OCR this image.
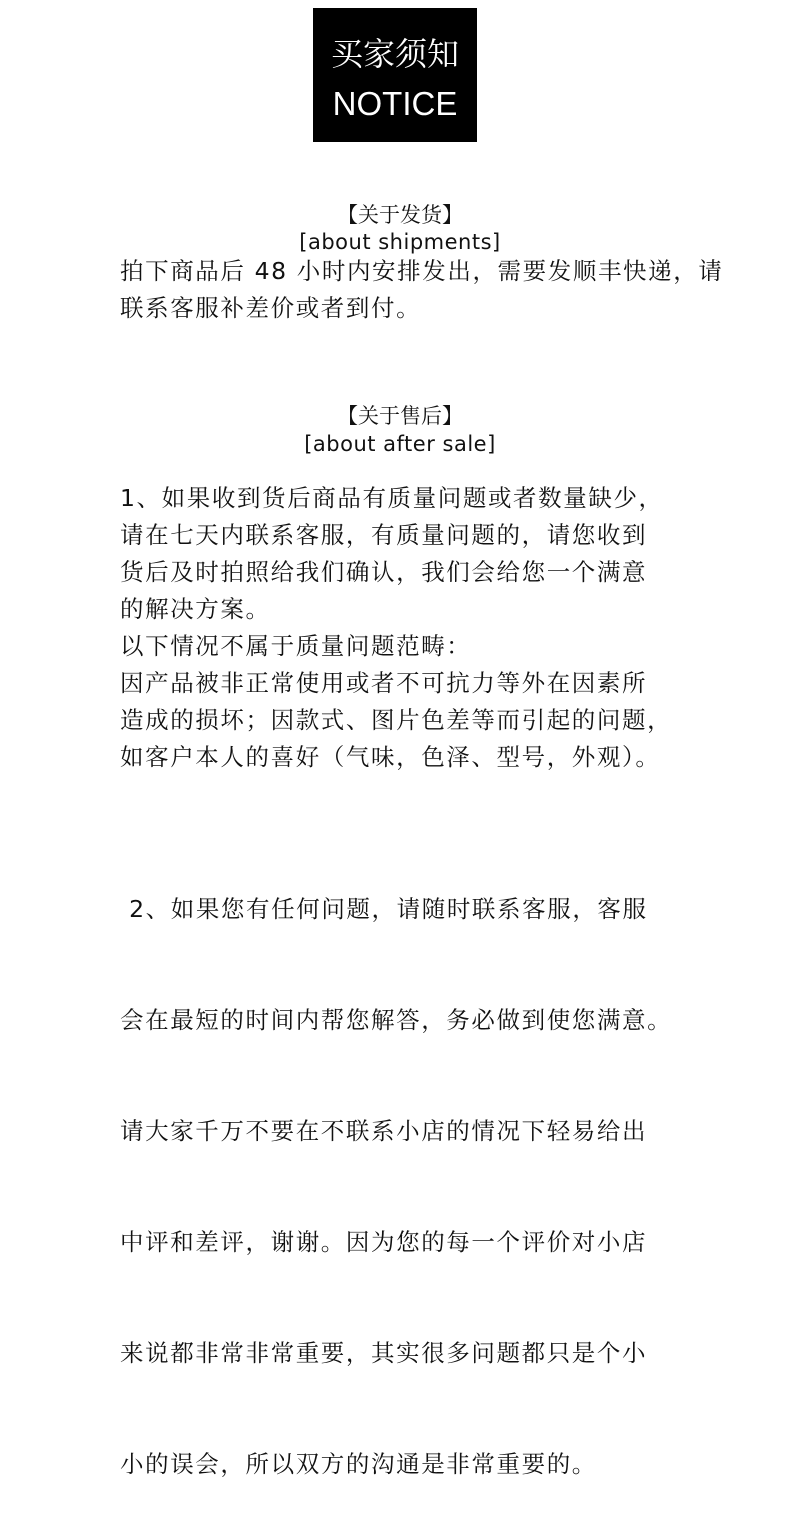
买家须知
NOTICE
【关于发货】
[about shipments]
拍下商品后 48 小时内安排发出，需要发顺丰快递，请
联系客服补差价或者到付。
【关于售后】
[about after sale]
1、如果收到货后商品有质量问题或者数量缺少，
请在七天内联系客服，有质量问题的，请您收到
货后及时拍照给我们确认，我们会给您一个满意
的解决方案。
以下情况不属于质量问题范畴：
因产品被非正常使用或者不可抗力等外在因素所
造成的损坏；因款式、图片色差等而引起的问题，
如客户本人的喜好（气味，色泽、型号，外观）。

2、如果您有任何问题，请随时联系客服，客服

会在最短的时间内帮您解答，务必做到使您满意。

请大家千万不要在不联系小店的情况下轻易给出

中评和差评，谢谢。因为您的每一个评价对小店

来说都非常非常重要，其实很多问题都只是个小

小的误会，所以双方的沟通是非常重要的。
